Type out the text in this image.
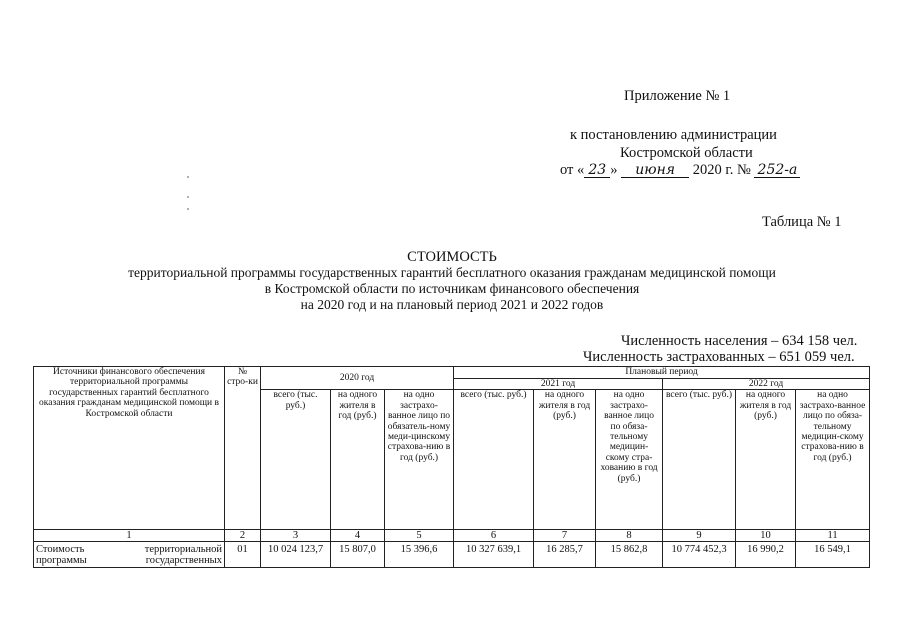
Приложение № 1
к постановлению администрации
Костромской области
от « 23 » июня 2020 г. № 252-а
Таблица № 1
СТОИМОСТЬ
территориальной программы государственных гарантий бесплатного оказания гражданам медицинской помощи
в Костромской области по источникам финансового обеспечения
на 2020 год и на плановый период 2021 и 2022 годов
Численность населения – 634 158 чел.
Численность застрахованных – 651 059 чел.
Источники финансового обеспечения территориальной программы государственных гарантий бесплатного оказания гражданам медицинской помощи в Костромской области	№ стро-ки	2020 год			Плановый период					
					2021 год			2022 год		
		всего (тыс. руб.)	на одного жителя в год (руб.)	на одно застрахо-ванное лицо по обязатель-ному меди-цинскому страхова-нию в год (руб.)	всего (тыс. руб.)	на одного жителя в год (руб.)	на одно застрахо-ванное лицо по обяза-тельному медицин-скому стра-хованию в год (руб.)	всего (тыс. руб.)	на одного жителя в год (руб.)	на одно застрахо-ванное лицо по обяза-тельному медицин-скому страхова-нию в год (руб.)
1	2	3	4	5	6	7	8	9	10	11

Стоимость территориальной
программы государственных	01	10 024 123,7	15 807,0	15 396,6	10 327 639,1	16 285,7	15 862,8	10 774 452,3	16 990,2	16 549,1
